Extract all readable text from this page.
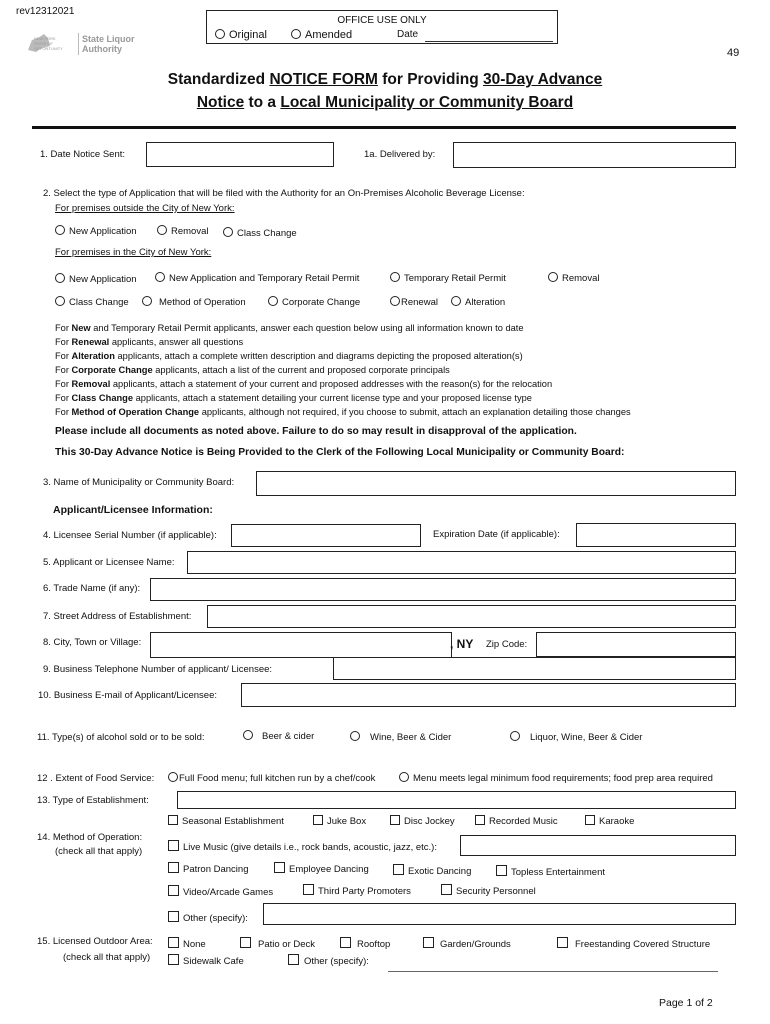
rev12312021
NEW YORK
STATE OF
OPPORTUNITY
State Liquor
Authority
OFFICE USE ONLY
Original	Amended	Date
49
Standardized NOTICE FORM for Providing 30-Day Advance
Notice to a Local Municipality or Community Board
1. Date Notice Sent:	1a. Delivered by:
2. Select the type of Application that will be filed with the Authority for an On-Premises Alcoholic Beverage License:
For premises outside the City of New York:
New Application	Removal	Class Change
For premises in the City of New York:
New Application	New Application and Temporary Retail Permit	Temporary Retail Permit	Removal
Class Change	Method of Operation	Corporate Change	Renewal	Alteration
For New and Temporary Retail Permit applicants, answer each question below using all information known to date
For Renewal applicants, answer all questions
For Alteration applicants, attach a complete written description and diagrams depicting the proposed alteration(s)
For Corporate Change applicants, attach a list of the current and proposed corporate principals
For Removal applicants, attach a statement of your current and proposed addresses with the reason(s) for the relocation
For Class Change applicants, attach a statement detailing your current license type and your proposed license type
For Method of Operation Change applicants, although not required, if you choose to submit, attach an explanation detailing those changes
Please include all documents as noted above. Failure to do so may result in disapproval of the application.
This 30-Day Advance Notice is Being Provided to the Clerk of the Following Local Municipality or Community Board:
3. Name of Municipality or Community Board:
Applicant/Licensee Information:
4. Licensee Serial Number (if applicable):	Expiration Date (if applicable):
5. Applicant or Licensee Name:
6. Trade Name (if any):
7. Street Address of Establishment:
8. City, Town or Village:	, NY Zip Code:
9. Business Telephone Number of applicant/ Licensee:
10. Business E-mail of Applicant/Licensee:
11. Type(s) of alcohol sold or to be sold:	Beer & cider	Wine, Beer & Cider	Liquor, Wine, Beer & Cider
12 . Extent of Food Service:	Full Food menu; full kitchen run by a chef/cook	Menu meets legal minimum food requirements; food prep area required
13. Type of Establishment:
14. Method of Operation:
(check all that apply)
Seasonal Establishment	Juke Box	Disc Jockey	Recorded Music	Karaoke
Live Music (give details i.e., rock bands, acoustic, jazz, etc.):
Patron Dancing	Employee Dancing	Exotic Dancing	Topless Entertainment
Video/Arcade Games	Third Party Promoters	Security Personnel
Other (specify):
15. Licensed Outdoor Area:
(check all that apply)
None	Patio or Deck	Rooftop	Garden/Grounds	Freestanding Covered Structure
Sidewalk Cafe	Other (specify):
Page 1 of 2
